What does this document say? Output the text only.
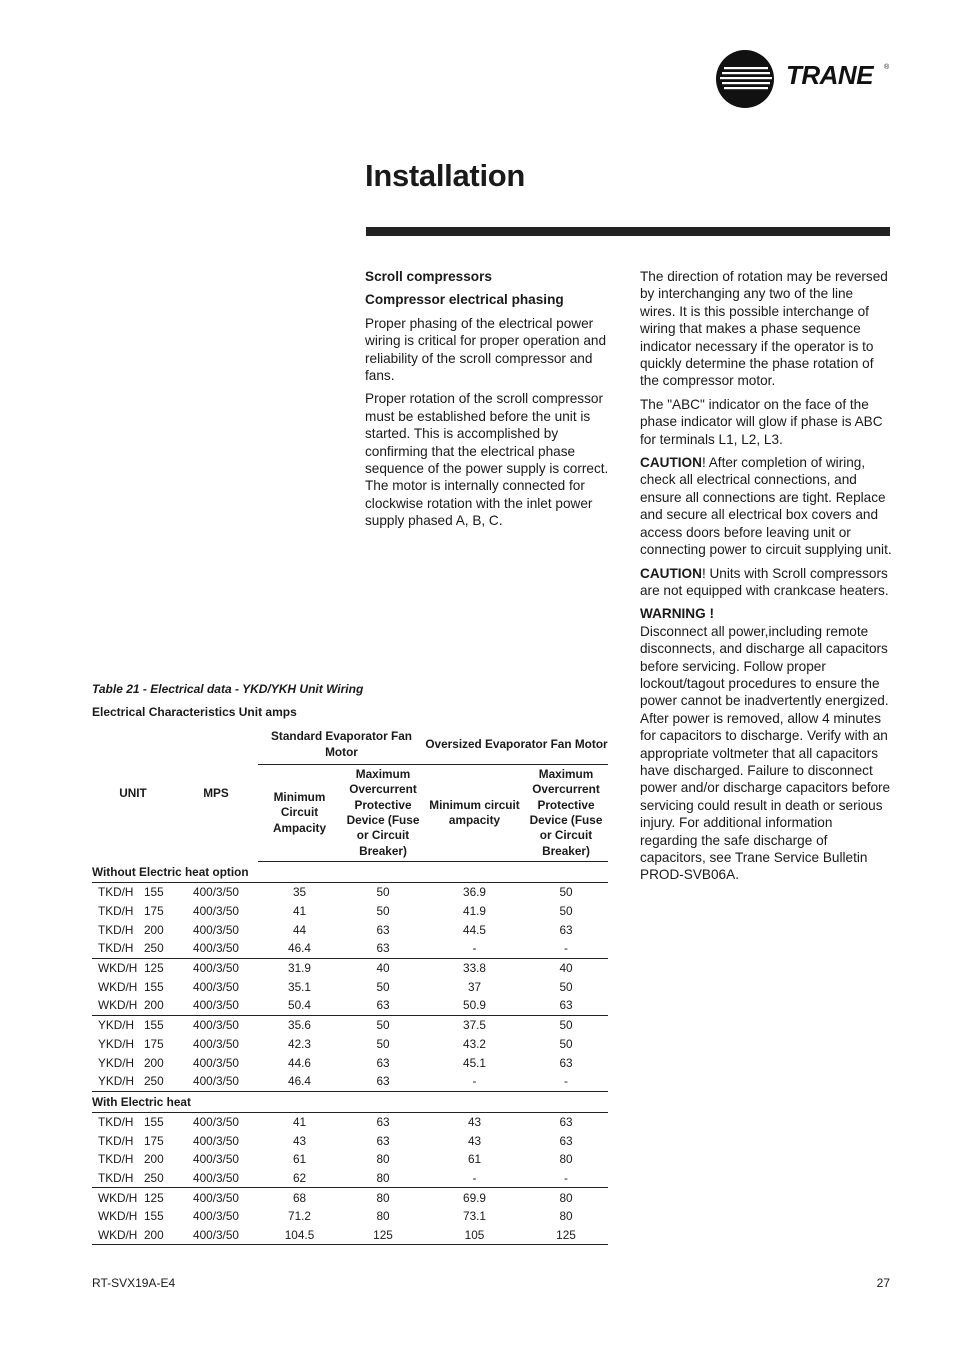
TRANE ®
Installation
Scroll compressors
Compressor electrical phasing

Proper phasing of the electrical power wiring is critical for proper operation and reliability of the scroll compressor and fans.

Proper rotation of the scroll compressor must be established before the unit is started. This is accomplished by confirming that the electrical phase sequence of the power supply is correct. The motor is internally connected for clockwise rotation with the inlet power supply phased A, B, C.

The direction of rotation may be reversed by interchanging any two of the line wires. It is this possible interchange of wiring that makes a phase sequence indicator necessary if the operator is to quickly determine the phase rotation of the compressor motor.

The "ABC" indicator on the face of the phase indicator will glow if phase is ABC for terminals L1, L2, L3.

CAUTION! After completion of wiring, check all electrical connections, and ensure all connections are tight. Replace and secure all electrical box covers and access doors before leaving unit or connecting power to circuit supplying unit.

CAUTION! Units with Scroll compressors are not equipped with crankcase heaters.

WARNING !
Disconnect all power,including remote disconnects, and discharge all capacitors before servicing. Follow proper lockout/tagout procedures to ensure the power cannot be inadvertently energized. After power is removed, allow 4 minutes for capacitors to discharge. Verify with an appropriate voltmeter that all capacitors have discharged. Failure to disconnect power and/or discharge capacitors before servicing could result in death or serious injury. For additional information regarding the safe discharge of capacitors, see Trane Service Bulletin PROD-SVB06A.

Table 21 - Electrical data - YKD/YKH Unit Wiring
Electrical Characteristics Unit amps
UNIT	MPS	Standard Evaporator Fan Motor		Oversized Evaporator Fan Motor	
		Minimum Circuit Ampacity	Maximum Overcurrent Protective Device (Fuse or Circuit Breaker)	Minimum circuit ampacity	Maximum Overcurrent Protective Device (Fuse or Circuit Breaker)
Without Electric heat option					
TKD/H 155	400/3/50	35	50	36.9	50
TKD/H 175	400/3/50	41	50	41.9	50
TKD/H 200	400/3/50	44	63	44.5	63
TKD/H 250	400/3/50	46.4	63	-	-
WKD/H 125	400/3/50	31.9	40	33.8	40
WKD/H 155	400/3/50	35.1	50	37	50
WKD/H 200	400/3/50	50.4	63	50.9	63
YKD/H 155	400/3/50	35.6	50	37.5	50
YKD/H 175	400/3/50	42.3	50	43.2	50
YKD/H 200	400/3/50	44.6	63	45.1	63
YKD/H 250	400/3/50	46.4	63	-	-
With Electric heat					
TKD/H 155	400/3/50	41	63	43	63
TKD/H 175	400/3/50	43	63	43	63
TKD/H 200	400/3/50	61	80	61	80
TKD/H 250	400/3/50	62	80	-	-
WKD/H 125	400/3/50	68	80	69.9	80
WKD/H 155	400/3/50	71.2	80	73.1	80
WKD/H 200	400/3/50	104.5	125	105	125
RT-SVX19A-E4	27
